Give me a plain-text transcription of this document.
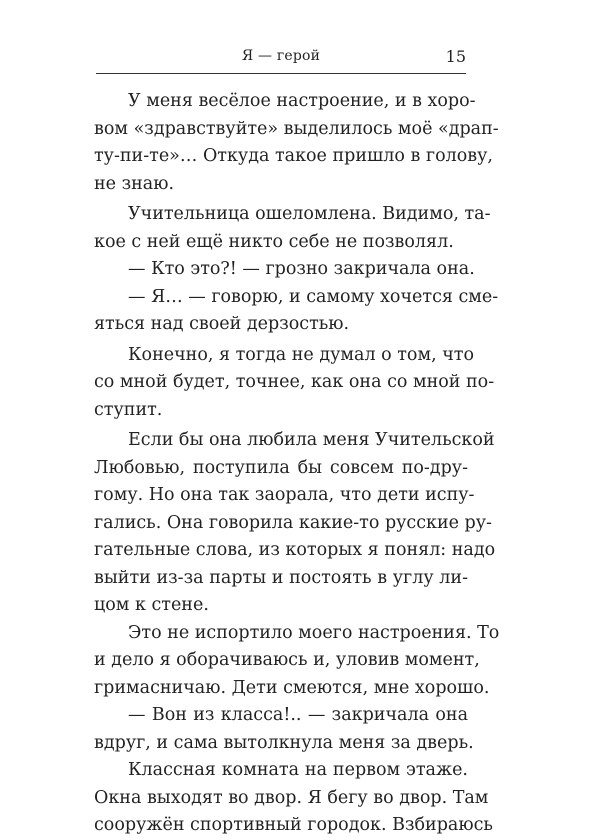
Я — герой	15
У меня весёлое настроение, и в хоро-
вом «здравствуйте» выделилось моё «драп-
ту-пи-те»… Откуда такое пришло в голову,
не знаю.
Учительница ошеломлена. Видимо, та-
кое с ней ещё никто себе не позволял.
— Кто это?! — грозно закричала она.
— Я… — говорю, и самому хочется сме-
яться над своей дерзостью.
Конечно, я тогда не думал о том, что
со мной будет, точнее, как она со мной по-
ступит.
Если бы она любила меня Учительской
Любовью, поступила бы совсем по-дру-
гому. Но она так заорала, что дети испу-
гались. Она говорила какие-то русские ру-
гательные слова, из которых я понял: надо
выйти из-за парты и постоять в углу ли-
цом к стене.
Это не испортило моего настроения. То
и дело я оборачиваюсь и, уловив момент,
гримасничаю. Дети смеются, мне хорошо.
— Вон из класса!.. — закричала она
вдруг, и сама вытолкнула меня за дверь.
Классная комната на первом этаже.
Окна выходят во двор. Я бегу во двор. Там
сооружён спортивный городок. Взбираюсь
